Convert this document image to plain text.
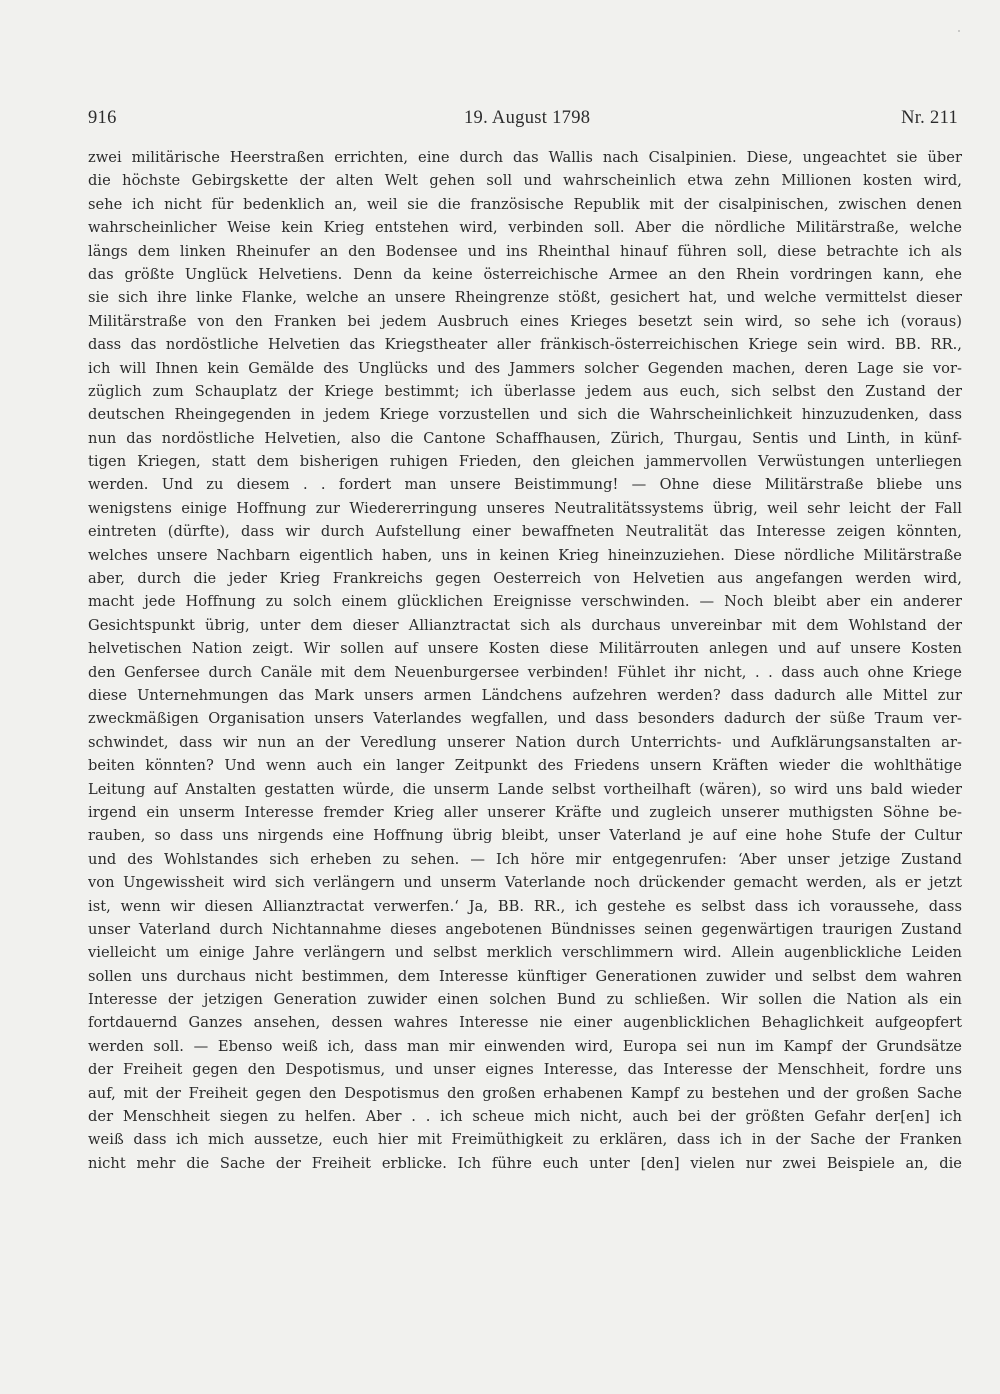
916	19. August 1798	Nr. 211
zwei militärische Heerstraßen errichten, eine durch das Wallis nach Cisalpinien. Diese, ungeachtet sie über
die höchste Gebirgskette der alten Welt gehen soll und wahrscheinlich etwa zehn Millionen kosten wird,
sehe ich nicht für bedenklich an, weil sie die französische Republik mit der cisalpinischen, zwischen denen
wahrscheinlicher Weise kein Krieg entstehen wird, verbinden soll. Aber die nördliche Militärstraße, welche
längs dem linken Rheinufer an den Bodensee und ins Rheinthal hinauf führen soll, diese betrachte ich als
das größte Unglück Helvetiens. Denn da keine österreichische Armee an den Rhein vordringen kann, ehe
sie sich ihre linke Flanke, welche an unsere Rheingrenze stößt, gesichert hat, und welche vermittelst dieser
Militärstraße von den Franken bei jedem Ausbruch eines Krieges besetzt sein wird, so sehe ich (voraus)
dass das nordöstliche Helvetien das Kriegstheater aller fränkisch-österreichischen Kriege sein wird. BB. RR.,
ich will Ihnen kein Gemälde des Unglücks und des Jammers solcher Gegenden machen, deren Lage sie vor-
züglich zum Schauplatz der Kriege bestimmt; ich überlasse jedem aus euch, sich selbst den Zustand der
deutschen Rheingegenden in jedem Kriege vorzustellen und sich die Wahrscheinlichkeit hinzuzudenken, dass
nun das nordöstliche Helvetien, also die Cantone Schaffhausen, Zürich, Thurgau, Sentis und Linth, in künf-
tigen Kriegen, statt dem bisherigen ruhigen Frieden, den gleichen jammervollen Verwüstungen unterliegen
werden. Und zu diesem . . fordert man unsere Beistimmung! — Ohne diese Militärstraße bliebe uns
wenigstens einige Hoffnung zur Wiedererringung unseres Neutralitätssystems übrig, weil sehr leicht der Fall
eintreten (dürfte), dass wir durch Aufstellung einer bewaffneten Neutralität das Interesse zeigen könnten,
welches unsere Nachbarn eigentlich haben, uns in keinen Krieg hineinzuziehen. Diese nördliche Militärstraße
aber, durch die jeder Krieg Frankreichs gegen Oesterreich von Helvetien aus angefangen werden wird,
macht jede Hoffnung zu solch einem glücklichen Ereignisse verschwinden. — Noch bleibt aber ein anderer
Gesichtspunkt übrig, unter dem dieser Allianztractat sich als durchaus unvereinbar mit dem Wohlstand der
helvetischen Nation zeigt. Wir sollen auf unsere Kosten diese Militärrouten anlegen und auf unsere Kosten
den Genfersee durch Canäle mit dem Neuenburgersee verbinden! Fühlet ihr nicht, . . dass auch ohne Kriege
diese Unternehmungen das Mark unsers armen Ländchens aufzehren werden? dass dadurch alle Mittel zur
zweckmäßigen Organisation unsers Vaterlandes wegfallen, und dass besonders dadurch der süße Traum ver-
schwindet, dass wir nun an der Veredlung unserer Nation durch Unterrichts- und Aufklärungsanstalten ar-
beiten könnten? Und wenn auch ein langer Zeitpunkt des Friedens unsern Kräften wieder die wohlthätige
Leitung auf Anstalten gestatten würde, die unserm Lande selbst vortheilhaft (wären), so wird uns bald wieder
irgend ein unserm Interesse fremder Krieg aller unserer Kräfte und zugleich unserer muthigsten Söhne be-
rauben, so dass uns nirgends eine Hoffnung übrig bleibt, unser Vaterland je auf eine hohe Stufe der Cultur
und des Wohlstandes sich erheben zu sehen. — Ich höre mir entgegenrufen: ‘Aber unser jetzige Zustand
von Ungewissheit wird sich verlängern und unserm Vaterlande noch drückender gemacht werden, als er jetzt
ist, wenn wir diesen Allianztractat verwerfen.‘ Ja, BB. RR., ich gestehe es selbst dass ich voraussehe, dass
unser Vaterland durch Nichtannahme dieses angebotenen Bündnisses seinen gegenwärtigen traurigen Zustand
vielleicht um einige Jahre verlängern und selbst merklich verschlimmern wird. Allein augenblickliche Leiden
sollen uns durchaus nicht bestimmen, dem Interesse künftiger Generationen zuwider und selbst dem wahren
Interesse der jetzigen Generation zuwider einen solchen Bund zu schließen. Wir sollen die Nation als ein
fortdauernd Ganzes ansehen, dessen wahres Interesse nie einer augenblicklichen Behaglichkeit aufgeopfert
werden soll. — Ebenso weiß ich, dass man mir einwenden wird, Europa sei nun im Kampf der Grundsätze
der Freiheit gegen den Despotismus, und unser eignes Interesse, das Interesse der Menschheit, fordre uns
auf, mit der Freiheit gegen den Despotismus den großen erhabenen Kampf zu bestehen und der großen Sache
der Menschheit siegen zu helfen. Aber . . ich scheue mich nicht, auch bei der größten Gefahr der[en] ich
weiß dass ich mich aussetze, euch hier mit Freimüthigkeit zu erklären, dass ich in der Sache der Franken
nicht mehr die Sache der Freiheit erblicke. Ich führe euch unter [den] vielen nur zwei Beispiele an, die
